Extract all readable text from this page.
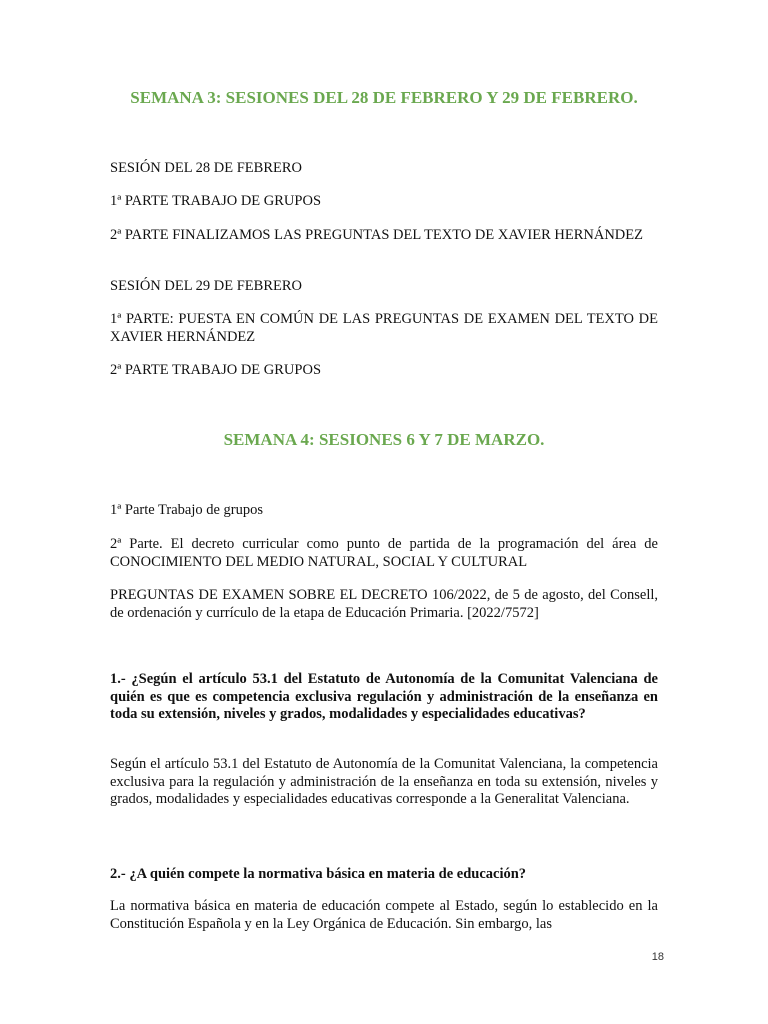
SEMANA 3: SESIONES DEL 28 DE FEBRERO Y 29 DE FEBRERO.
SESIÓN DEL 28 DE FEBRERO
1ª PARTE TRABAJO DE GRUPOS
2ª PARTE FINALIZAMOS LAS PREGUNTAS DEL TEXTO DE XAVIER HERNÁNDEZ
SESIÓN DEL 29 DE FEBRERO
1ª PARTE: PUESTA EN COMÚN DE LAS PREGUNTAS DE EXAMEN DEL TEXTO DE XAVIER HERNÁNDEZ
2ª PARTE TRABAJO DE GRUPOS
SEMANA 4: SESIONES 6 Y 7 DE MARZO.
1ª Parte Trabajo de grupos
2ª Parte. El decreto curricular como punto de partida de la programación del área de CONOCIMIENTO DEL MEDIO NATURAL, SOCIAL Y CULTURAL
PREGUNTAS DE EXAMEN SOBRE EL DECRETO 106/2022, de 5 de agosto, del Consell, de ordenación y currículo de la etapa de Educación Primaria. [2022/7572]
1.- ¿Según el artículo 53.1 del Estatuto de Autonomía de la Comunitat Valenciana de quién es que es competencia exclusiva regulación y administración de la enseñanza en toda su extensión, niveles y grados, modalidades y especialidades educativas?
Según el artículo 53.1 del Estatuto de Autonomía de la Comunitat Valenciana, la competencia exclusiva para la regulación y administración de la enseñanza en toda su extensión, niveles y grados, modalidades y especialidades educativas corresponde a la Generalitat Valenciana.
2.- ¿A quién compete la normativa básica en materia de educación?
La normativa básica en materia de educación compete al Estado, según lo establecido en la Constitución Española y en la Ley Orgánica de Educación. Sin embargo, las
18
